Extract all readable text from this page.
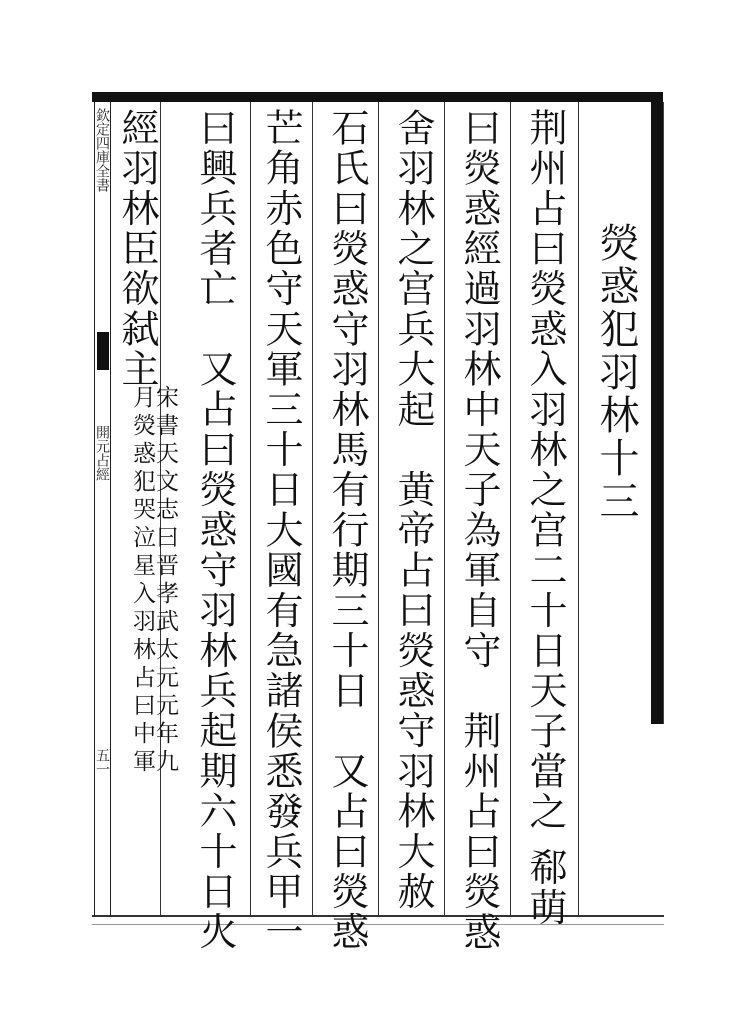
欽定四庫全書
開元占經
五一
熒惑犯羽林十三
荆州占曰熒惑入羽林之宫二十日天子當之郗萌
曰熒惑經過羽林中天子為軍自守荆州占曰熒惑
舍羽林之宫兵大起黄帝占曰熒惑守羽林大赦
石氏曰熒惑守羽林馬有行期三十日又占曰熒惑
芒角赤色守天軍三十日大國有急諸侯悉發兵甲一
曰興兵者亡又占曰熒惑守羽林兵起期六十日火
經羽林臣欲弑主
月熒惑犯哭泣星入羽林占曰中軍
宋書天文志曰晋孝武太元元年九
